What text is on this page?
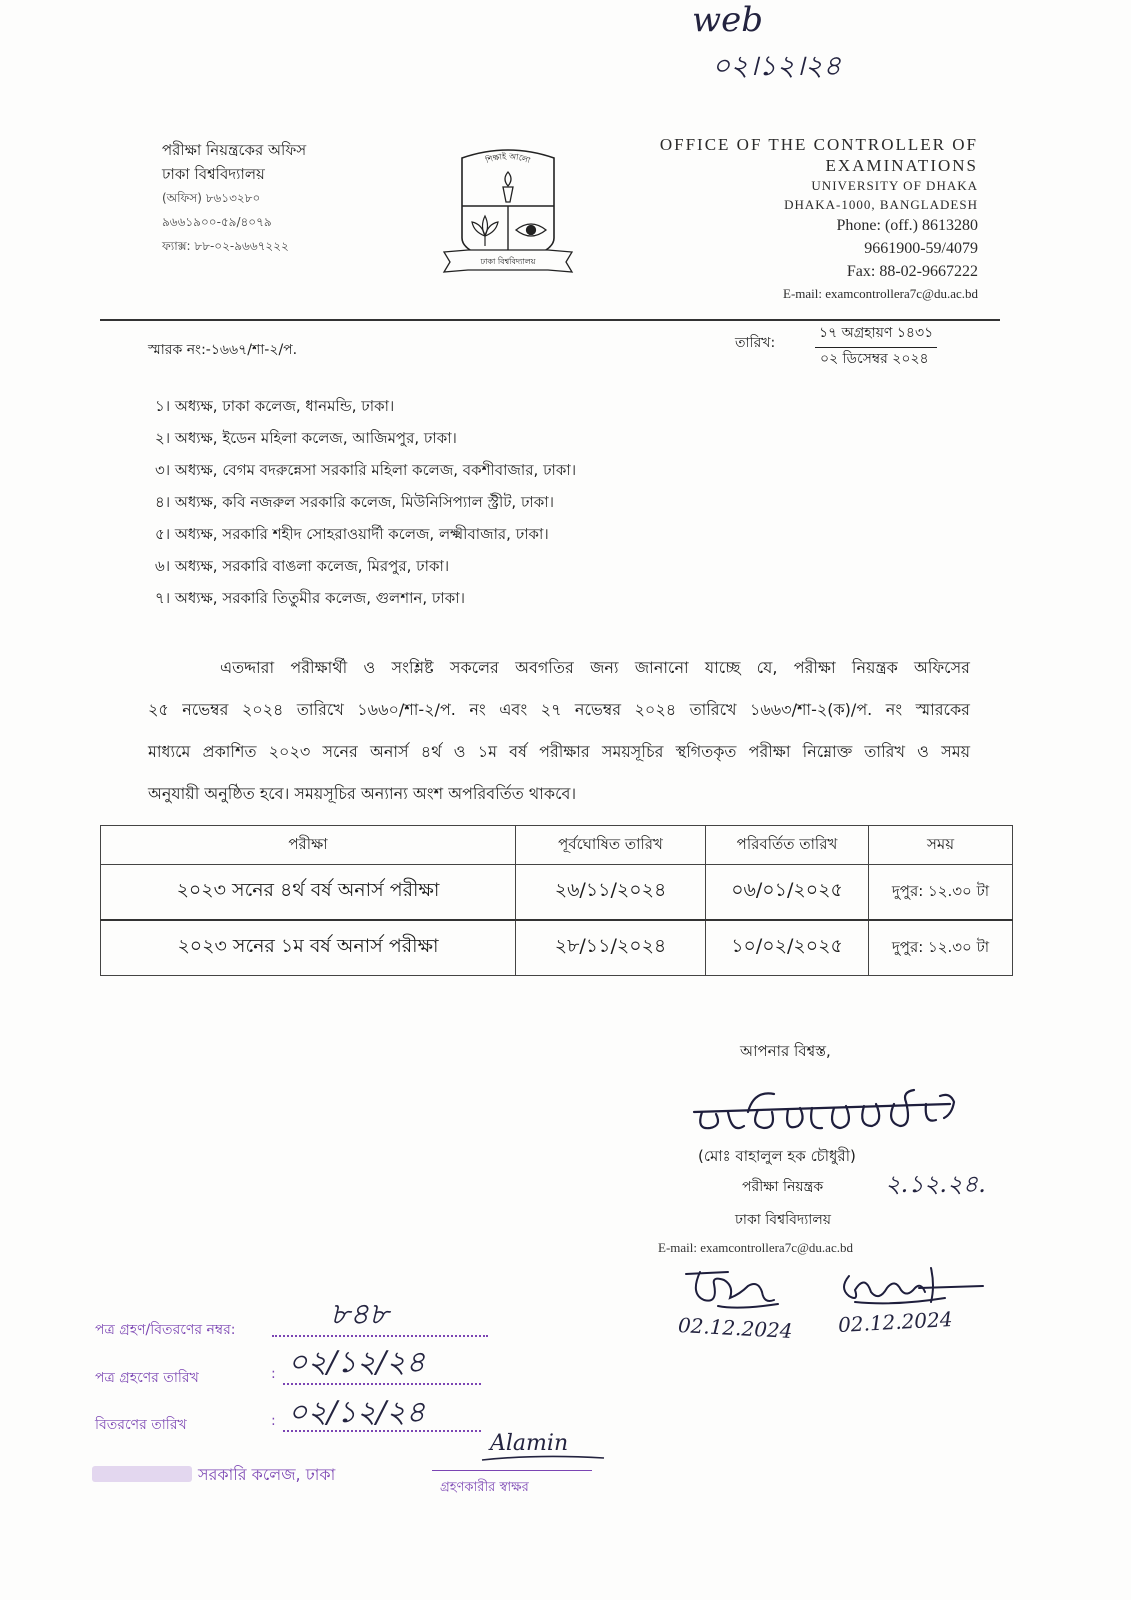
web
০২।১২।২৪
পরীক্ষা নিয়ন্ত্রকের অফিস
ঢাকা বিশ্ববিদ্যালয়
(অফিস) ৮৬১৩২৮০
৯৬৬১৯০০-৫৯/৪০৭৯
ফ্যাক্স: ৮৮-০২-৯৬৬৭২২২
শিক্ষাই আলো
ঢাকা বিশ্ববিদ্যালয়
OFFICE OF THE CONTROLLER OF
EXAMINATIONS
UNIVERSITY OF DHAKA
DHAKA-1000, BANGLADESH
Phone: (off.) 8613280
9661900-59/4079
Fax: 88-02-9667222
E-mail: examcontrollera7c@du.ac.bd
স্মারক নং:-১৬৬৭/শা-২/প.	তারিখ:
১৭ অগ্রহায়ণ ১৪৩১
০২ ডিসেম্বর ২০২৪
১। অধ্যক্ষ, ঢাকা কলেজ, ধানমন্ডি, ঢাকা।
২। অধ্যক্ষ, ইডেন মহিলা কলেজ, আজিমপুর, ঢাকা।
৩। অধ্যক্ষ, বেগম বদরুন্নেসা সরকারি মহিলা কলেজ, বকশীবাজার, ঢাকা।
৪। অধ্যক্ষ, কবি নজরুল সরকারি কলেজ, মিউনিসিপ্যাল স্ট্রীট, ঢাকা।
৫। অধ্যক্ষ, সরকারি শহীদ সোহরাওয়ার্দী কলেজ, লক্ষ্মীবাজার, ঢাকা।
৬। অধ্যক্ষ, সরকারি বাঙলা কলেজ, মিরপুর, ঢাকা।
৭। অধ্যক্ষ, সরকারি তিতুমীর কলেজ, গুলশান, ঢাকা।

এতদ্দারা পরীক্ষার্থী ও সংশ্লিষ্ট সকলের অবগতির জন্য জানানো যাচ্ছে যে, পরীক্ষা নিয়ন্ত্রক অফিসের
২৫ নভেম্বর ২০২৪ তারিখে ১৬৬০/শা-২/প. নং এবং ২৭ নভেম্বর ২০২৪ তারিখে ১৬৬৩/শা-২(ক)/প. নং স্মারকের
মাধ্যমে প্রকাশিত ২০২৩ সনের অনার্স ৪র্থ ও ১ম বর্ষ পরীক্ষার সময়সূচির স্থগিতকৃত পরীক্ষা নিম্নোক্ত তারিখ ও সময়
অনুযায়ী অনুষ্ঠিত হবে। সময়সূচির অন্যান্য অংশ অপরিবর্তিত থাকবে।

পরীক্ষা	পূর্বঘোষিত তারিখ	পরিবর্তিত তারিখ	সময়
২০২৩ সনের ৪র্থ বর্ষ অনার্স পরীক্ষা	২৬/১১/২০২৪	০৬/০১/২০২৫	দুপুর: ১২.৩০ টা
২০২৩ সনের ১ম বর্ষ অনার্স পরীক্ষা	২৮/১১/২০২৪	১০/০২/২০২৫	দুপুর: ১২.৩০ টা
আপনার বিশ্বস্ত,
(মোঃ বাহালুল হক চৌধুরী)
পরীক্ষা নিয়ন্ত্রক	২.১২.২৪.
ঢাকা বিশ্ববিদ্যালয়
E-mail: examcontrollera7c@du.ac.bd
02.12.2024 02.12.2024
পত্র গ্রহণ/বিতরণের নম্বর:	৮৪৮
পত্র গ্রহণের তারিখ	: ০২/১২/২৪
বিতরণের তারিখ	: ০২/১২/২৪
Alamin
সরকারি কলেজ, ঢাকা
গ্রহণকারীর স্বাক্ষর
